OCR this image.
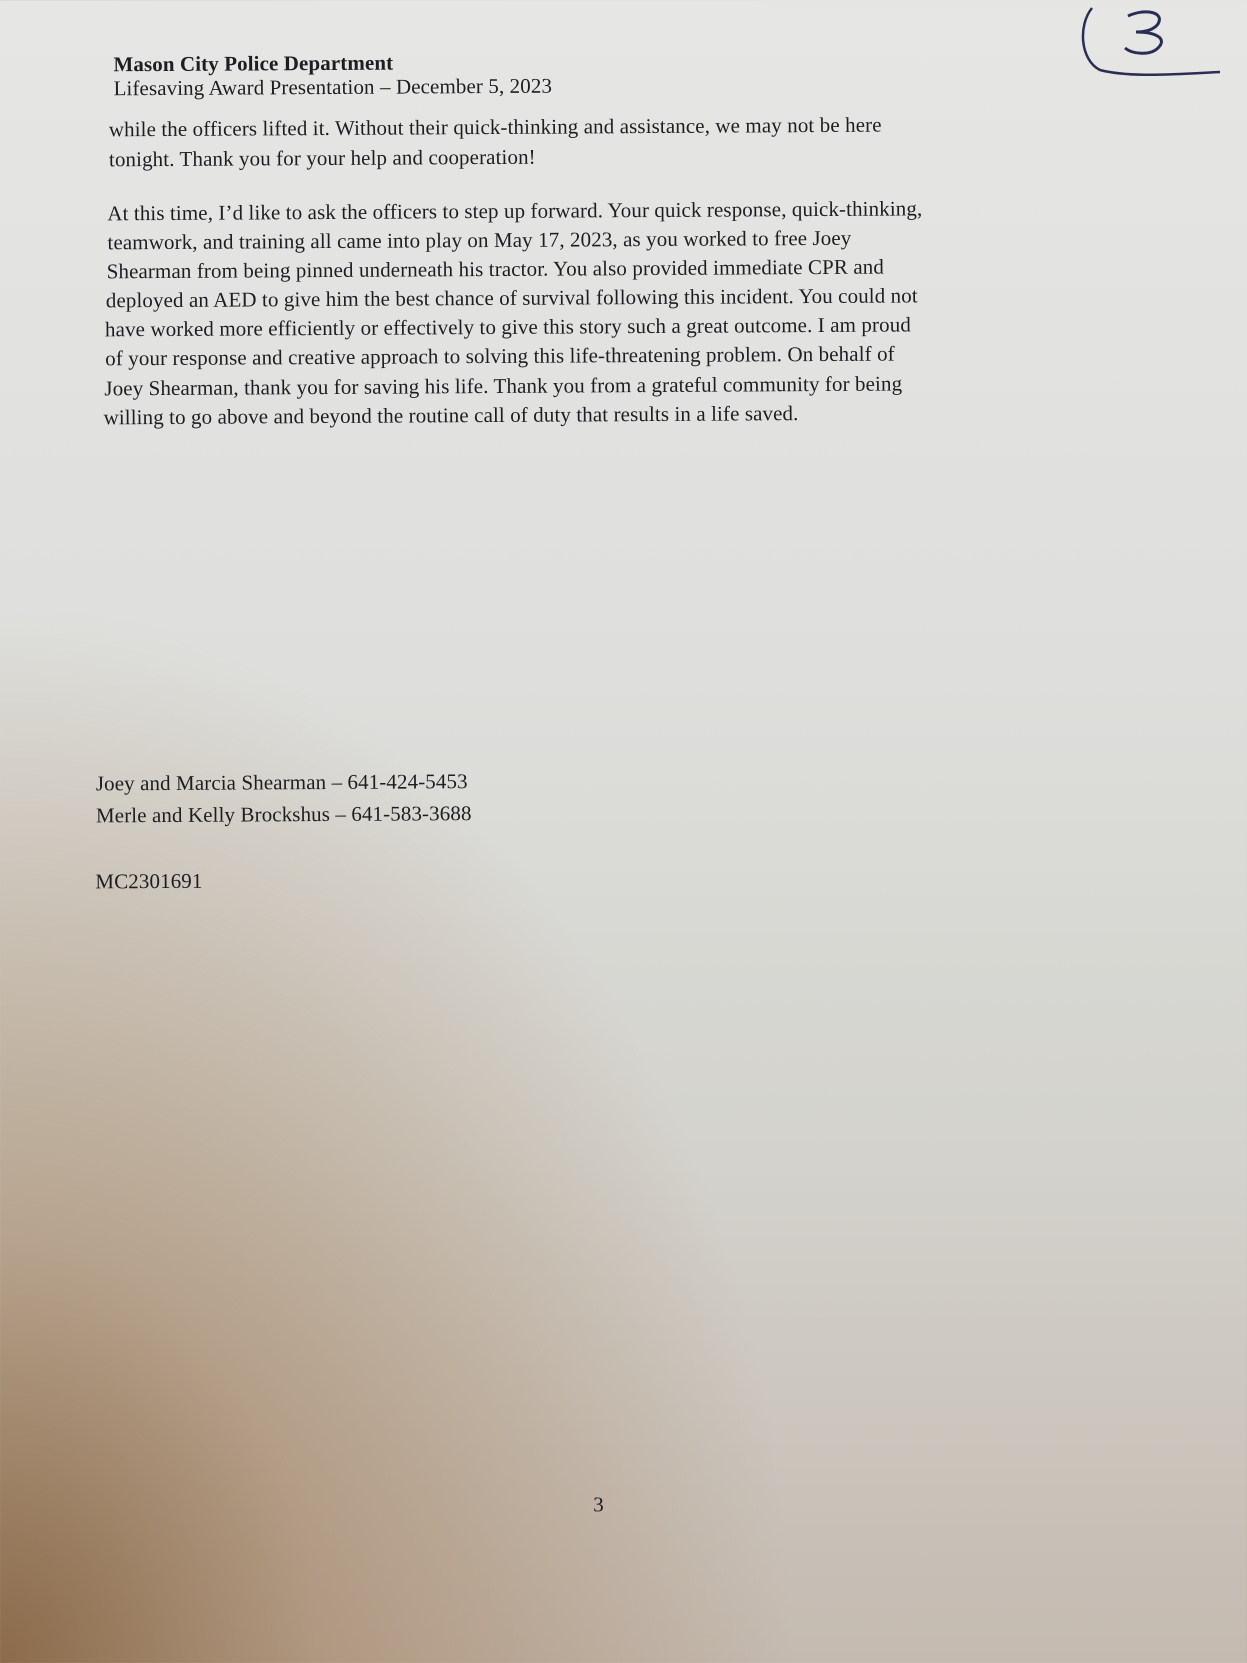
Mason City Police Department
Lifesaving Award Presentation – December 5, 2023
while the officers lifted it. Without their quick-thinking and assistance, we may not be here
tonight. Thank you for your help and cooperation!
At this time, I’d like to ask the officers to step up forward. Your quick response, quick-thinking,
teamwork, and training all came into play on May 17, 2023, as you worked to free Joey
Shearman from being pinned underneath his tractor. You also provided immediate CPR and
deployed an AED to give him the best chance of survival following this incident. You could not
have worked more efficiently or effectively to give this story such a great outcome. I am proud
of your response and creative approach to solving this life-threatening problem. On behalf of
Joey Shearman, thank you for saving his life. Thank you from a grateful community for being
willing to go above and beyond the routine call of duty that results in a life saved.
Joey and Marcia Shearman – 641-424-5453
Merle and Kelly Brockshus – 641-583-3688
MC2301691
3
